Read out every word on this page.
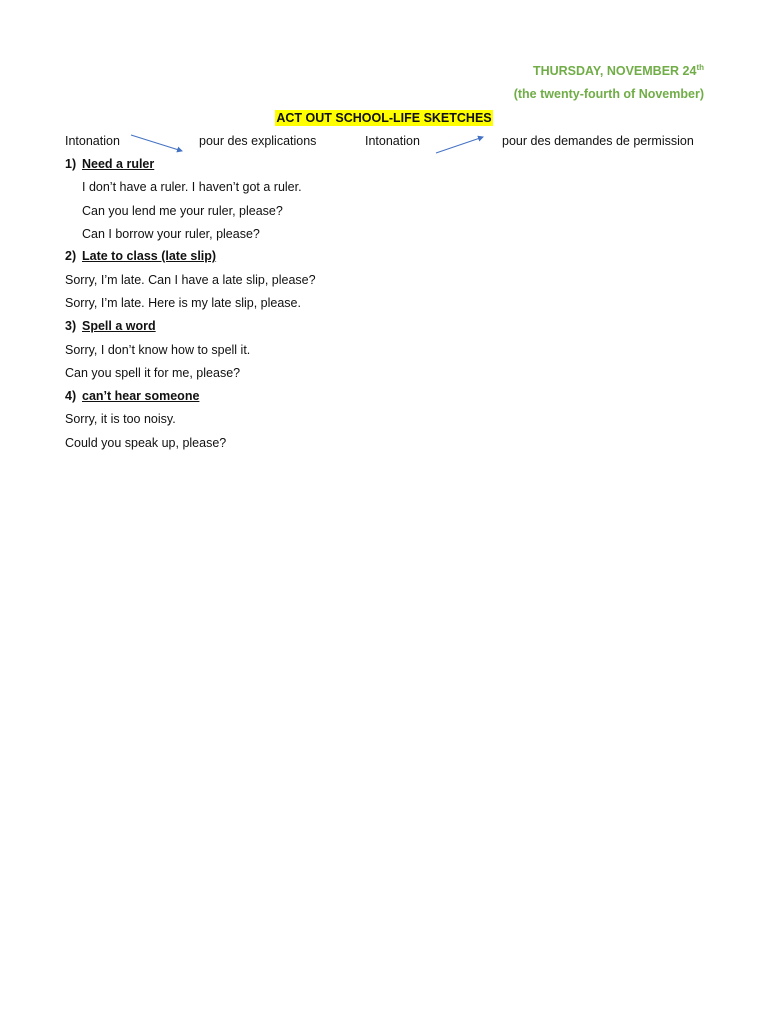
THURSDAY, NOVEMBER 24th
(the twenty-fourth of November)
ACT OUT SCHOOL-LIFE SKETCHES
Intonation	pour des explications	Intonation	pour des demandes de permission
1) Need a ruler
I don’t have a ruler. I haven’t got a ruler.
Can you lend me your ruler, please?
Can I borrow your ruler, please?
2) Late to class (late slip)
Sorry, I’m late. Can I have a late slip, please?
Sorry, I’m late. Here is my late slip, please.
3) Spell a word
Sorry, I don’t know how to spell it.
Can you spell it for me, please?
4) can’t hear someone
Sorry, it is too noisy.
Could you speak up, please?
